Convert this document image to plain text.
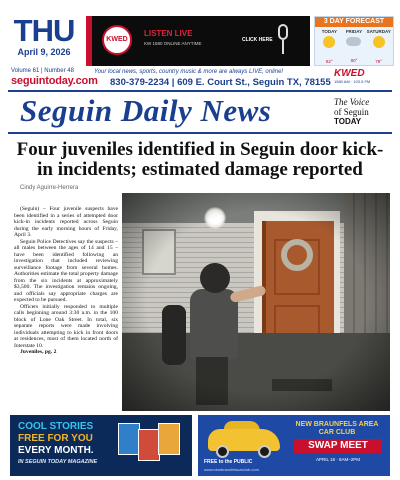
THU
April 9, 2026
KWED
LISTEN LIVE
KW 1580 ONLINE ANYTIME
CLICK HERE
3 DAY FORECAST
TODAY
82°
FRIDAY
80°
SATURDAY
78°
Volume 61 | Number 48
seguintoday.com
Your local news, sports, country music & more are always LIVE, online!
830-379-2234 | 609 E. Court St., Seguin TX, 78155
KWED
1580 AM · 103.5 FM
Seguin Daily News	The Voice
of Seguin
TODAY
Four juveniles identified in Seguin door kick-in incidents; estimated damage reported
Cindy Aguirre-Herrera

(Seguin) – Four juvenile suspects have been identified in a series of attempted door kick-in incidents reported across Seguin during the early morning hours of Friday, April 3.

Seguin Police Detectives say the suspects –all males between the ages of 14 and 15 – have been identified following an investigation that included reviewing surveillance footage from several homes. Authorities estimate the total property damage from the six incidents at approximately $3,500. The investigation remains ongoing, and officials say appropriate charges are expected to be pursued.

Officers initially responded to multiple calls beginning around 3:30 a.m. in the 100 block of Lone Oak Street. In total, six separate reports were made involving individuals attempting to kick in front doors at residences, most of them located north of Interstate 10.

Juveniles, pg. 2

COOL STORIES
FREE FOR YOU
EVERY MONTH.
IN SEGUIN TODAY MAGAZINE	FREE to the PUBLIC
www.newbraunfelscarclub.com
NEW BRAUNFELS AREA CAR CLUB
SWAP MEET
APRIL 18 · 8AM–2PM
